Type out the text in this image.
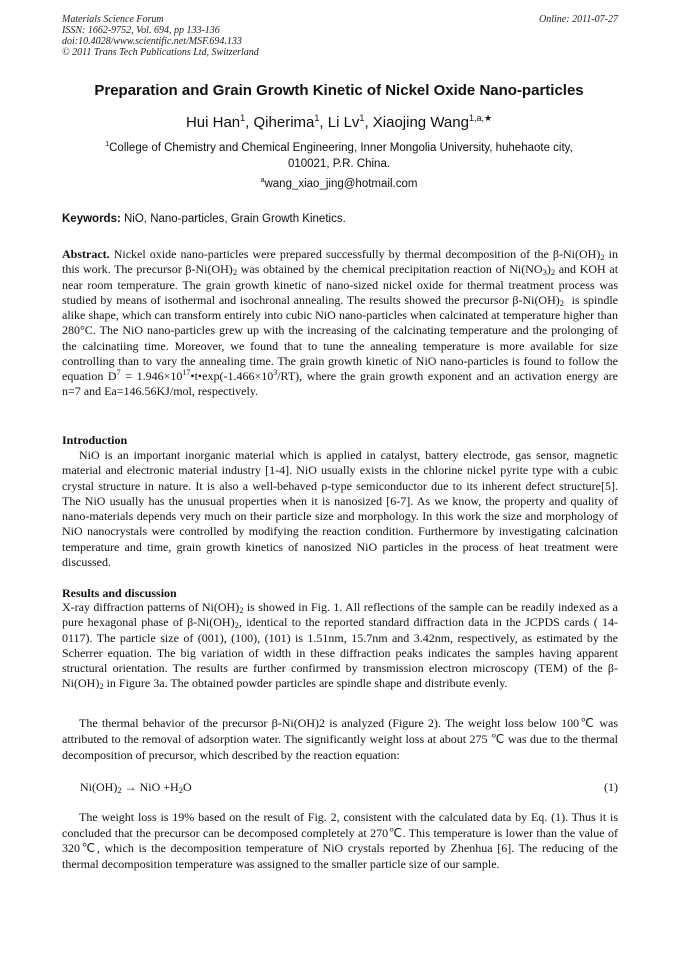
Materials Science Forum
ISSN: 1662-9752, Vol. 694, pp 133-136
doi:10.4028/www.scientific.net/MSF.694.133
© 2011 Trans Tech Publications Ltd, Switzerland
Online: 2011-07-27
Preparation and Grain Growth Kinetic of Nickel Oxide Nano-particles
Hui Han$^1$, Qiherima$^1$, Li Lv$^1$, Xiaojing Wang$^{1,a,★}$
$^1$College of Chemistry and Chemical Engineering, Inner Mongolia University, huhehaote city,
010021, P.R. China.
$^a$wang_xiao_jing@hotmail.com
Keywords: NiO, Nano-particles, Grain Growth Kinetics.
Abstract. Nickel oxide nano-particles were prepared successfully by thermal decomposition of the $\beta-Ni(OH)_2$ in this work. The precursor $\beta-Ni(OH)_2$ was obtained by the chemical precipitation reaction of $Ni(NO_3)_2$ and KOH at near room temperature. The grain growth kinetic of nano-sized nickel oxide for thermal treatment process was studied by means of isothermal and isochronal annealing. The results showed the precursor $\beta-Ni(OH)_2$ is spindle alike shape, which can transform entirely into cubic NiO nano-particles when calcinated at temperature higher than 280°C. The NiO nano-particles grew up with the increasing of the calcinating temperature and the prolonging of the calcinatiing time. Moreover, we found that to tune the annealing temperature is more available for size controlling than to vary the annealing time. The grain growth kinetic of NiO nano-particles is found to follow the equation $D^7$ = $1.946\times 10^{17}•t•\exp(-1.466\times 10^3/RT)$, where the grain growth exponent and an activation energy are n=7 and Ea=146.56KJ/mol, respectively.
Introduction
NiO is an important inorganic material which is applied in catalyst, battery electrode, gas sensor, magnetic material and electronic material industry [1-4]. NiO usually exists in the chlorine nickel pyrite type with a cubic crystal structure in nature. It is also a well-behaved p-type semiconductor due to its inherent defect structure[5]. The NiO usually has the unusual properties when it is nanosized [6-7]. As we know, the property and quality of nano-materials depends very much on their particle size and morphology. In this work the size and morphology of NiO nanocrystals were controlled by modifying the reaction condition. Furthermore by investigating calcination temperature and time, grain growth kinetics of nanosized NiO particles in the process of heat treatment were discussed.
Results and discussion
X-ray diffraction patterns of $Ni(OH)_2$ is showed in Fig. 1. All reflections of the sample can be readily indexed as a pure hexagonal phase of $\beta-Ni(OH)_2$, identical to the reported standard diffraction data in the JCPDS cards ( 14-0117). The particle size of (001), (100), (101) is 1.51nm, 15.7nm and 3.42nm, respectively, as estimated by the Scherrer equation. The big variation of width in these diffraction peaks indicates the samples having apparent structural orientation. The results are further confirmed by transmission electron microscopy (TEM) of the $\beta-Ni(OH)_2$ in Figure 3a. The obtained powder particles are spindle shape and distribute evenly.
The thermal behavior of the precursor β-Ni(OH)2 is analyzed (Figure 2). The weight loss below 100℃ was attributed to the removal of adsorption water. The significantly weight loss at about 275 ℃ was due to the thermal decomposition of precursor, which described by the reaction equation:
$Ni(OH)_2$ → NiO $+H_2O$	(1)
The weight loss is 19% based on the result of Fig. 2, consistent with the calculated data by Eq. (1). Thus it is concluded that the precursor can be decomposed completely at 270℃. This temperature is lower than the value of 320℃, which is the decomposition temperature of NiO crystals reported by Zhenhua [6]. The reducing of the thermal decomposition temperature was assigned to the smaller particle size of our sample.
